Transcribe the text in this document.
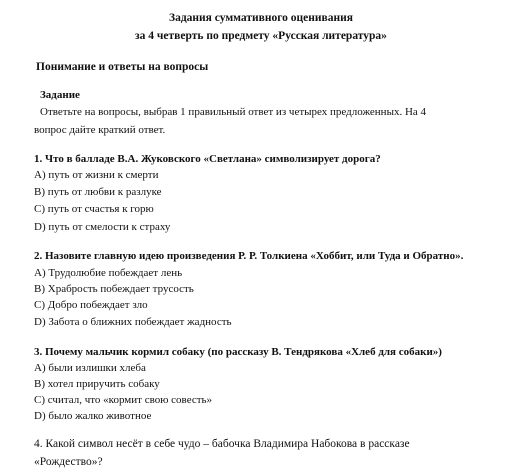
Задания суммативного оценивания
за 4 четверть по предмету «Русская литература»
Понимание и ответы на вопросы
Задание
Ответьте на вопросы, выбрав 1 правильный ответ из четырех предложенных. На 4
вопрос дайте краткий ответ.
1. Что в балладе В.А. Жуковского «Светлана» символизирует дорога?
A) путь от жизни к смерти
B) путь от любви к разлуке
C) путь от счастья к горю
D) путь от смелости к страху
2. Назовите главную идею произведения Р. Р. Толкиена «Хоббит, или Туда и Обратно».
A) Трудолюбие побеждает лень
B) Храбрость побеждает трусость
C) Добро побеждает зло
D) Забота о ближних побеждает жадность
3. Почему мальчик кормил собаку (по рассказу В. Тендрякова «Хлеб для собаки»)
A) были излишки хлеба
B) хотел приручить собаку
C) считал, что «кормит свою совесть»
D) было жалко животное
4. Какой символ несёт в себе чудо – бабочка Владимира Набокова в рассказе
«Рождество»?
